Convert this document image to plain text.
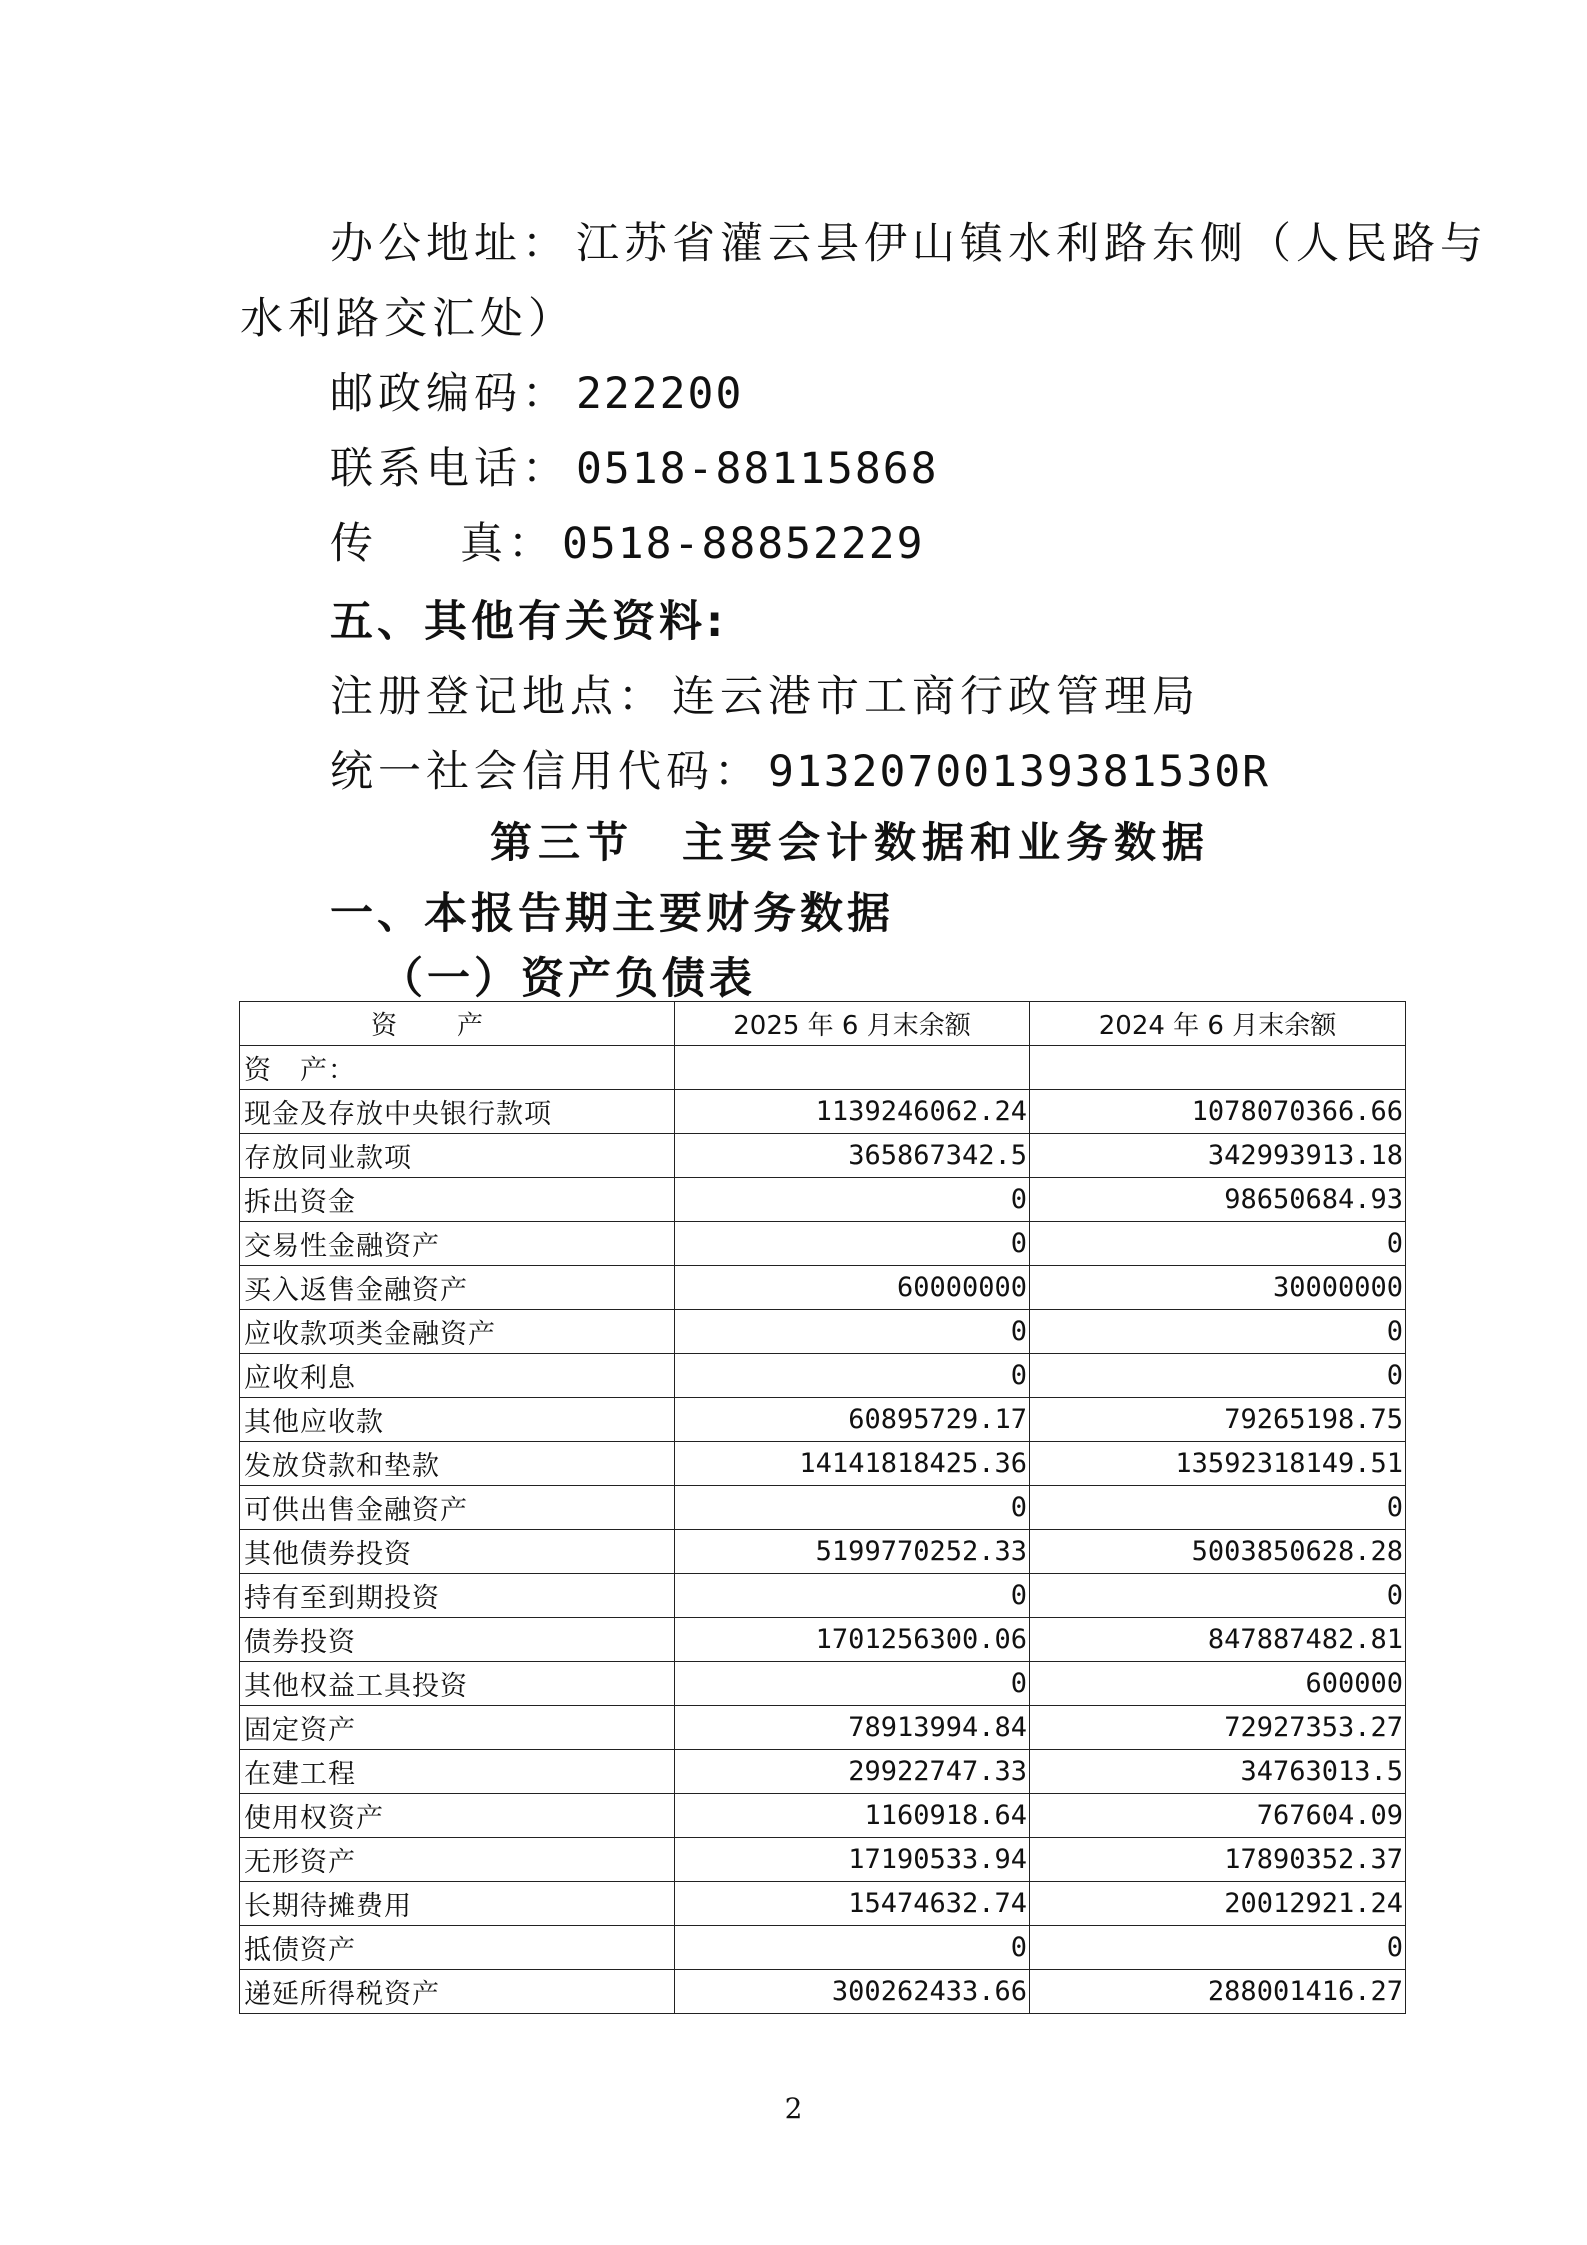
办公地址： 江苏省灌云县伊山镇水利路东侧（人民路与
水利路交汇处）
邮政编码： 222200
联系电话： 0518-88115868
传 真： 0518-88852229
五、其他有关资料:
注册登记地点： 连云港市工商行政管理局
统一社会信用代码： 91320700139381530R
第三节 主要会计数据和业务数据
一、本报告期主要财务数据
（一）资产负债表
资产	2025 年 6 月末余额	2024 年 6 月末余额
资　产：		
现金及存放中央银行款项	1139246062.24	1078070366.66
存放同业款项	365867342.5	342993913.18
拆出资金	0	98650684.93
交易性金融资产	0	0
买入返售金融资产	60000000	30000000
应收款项类金融资产	0	0
应收利息	0	0
其他应收款	60895729.17	79265198.75
发放贷款和垫款	14141818425.36	13592318149.51
可供出售金融资产	0	0
其他债券投资	5199770252.33	5003850628.28
持有至到期投资	0	0
债券投资	1701256300.06	847887482.81
其他权益工具投资	0	600000
固定资产	78913994.84	72927353.27
在建工程	29922747.33	34763013.5
使用权资产	1160918.64	767604.09
无形资产	17190533.94	17890352.37
长期待摊费用	15474632.74	20012921.24
抵债资产	0	0
递延所得税资产	300262433.66	288001416.27
2
